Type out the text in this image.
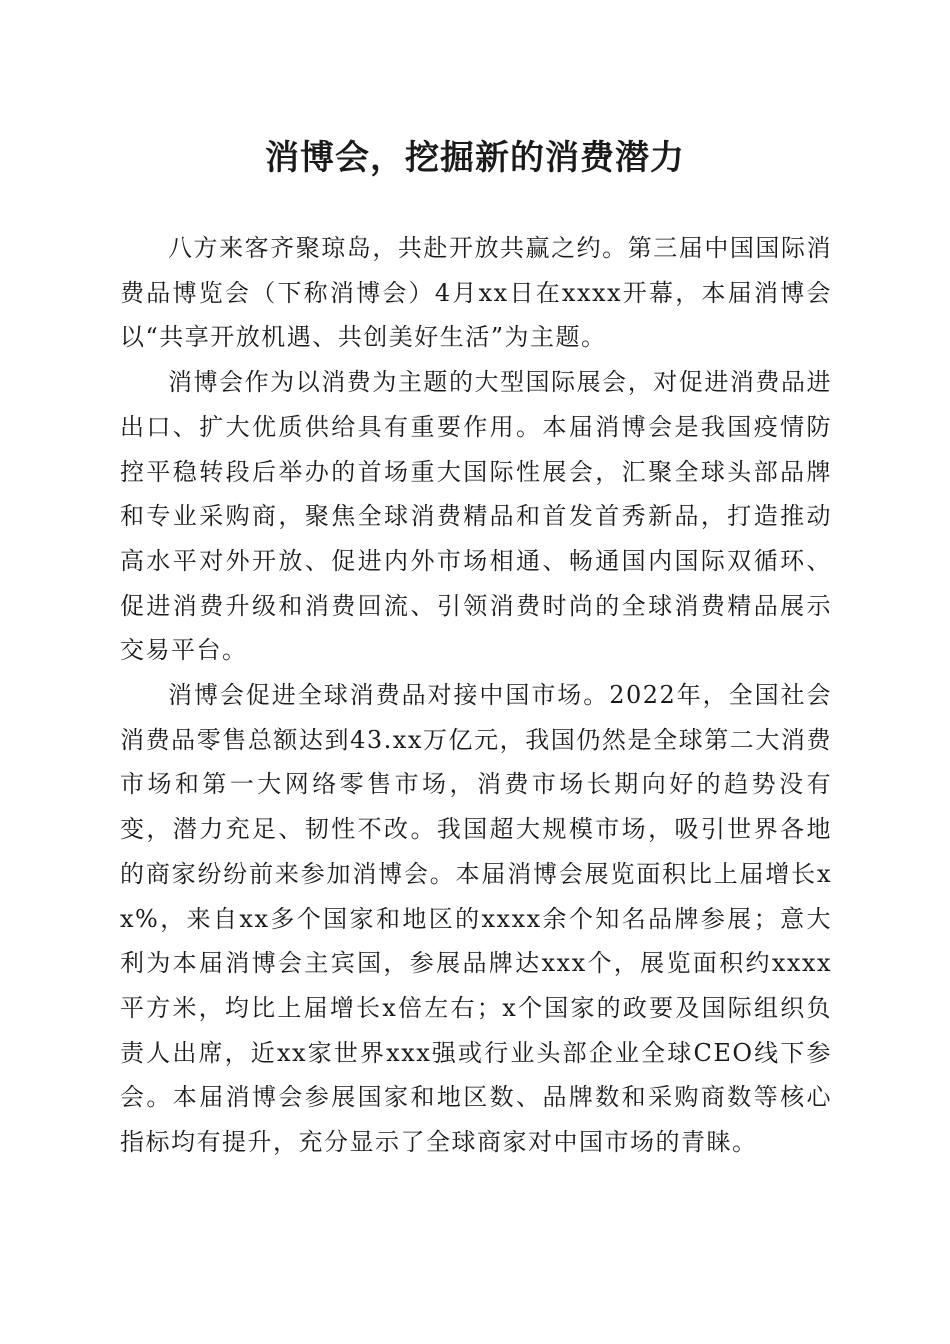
消博会，挖掘新的消费潜力

八方来客齐聚琼岛，共赴开放共赢之约。第三届中国国际消费品博览会（下称消博会）4月xx日在xxxx开幕，本届消博会以“共享开放机遇、共创美好生活”为主题。

消博会作为以消费为主题的大型国际展会，对促进消费品进出口、扩大优质供给具有重要作用。本届消博会是我国疫情防控平稳转段后举办的首场重大国际性展会，汇聚全球头部品牌和专业采购商，聚焦全球消费精品和首发首秀新品，打造推动高水平对外开放、促进内外市场相通、畅通国内国际双循环、促进消费升级和消费回流、引领消费时尚的全球消费精品展示交易平台。

消博会促进全球消费品对接中国市场。2022年，全国社会消费品零售总额达到43.xx万亿元，我国仍然是全球第二大消费市场和第一大网络零售市场，消费市场长期向好的趋势没有变，潜力充足、韧性不改。我国超大规模市场，吸引世界各地的商家纷纷前来参加消博会。本届消博会展览面积比上届增长xx%，来自xx多个国家和地区的xxxx余个知名品牌参展；意大利为本届消博会主宾国，参展品牌达xxx个，展览面积约xxxx平方米，均比上届增长x倍左右；x个国家的政要及国际组织负责人出席，近xx家世界xxx强或行业头部企业全球CEO线下参会。本届消博会参展国家和地区数、品牌数和采购商数等核心指标均有提升，充分显示了全球商家对中国市场的青睐。
